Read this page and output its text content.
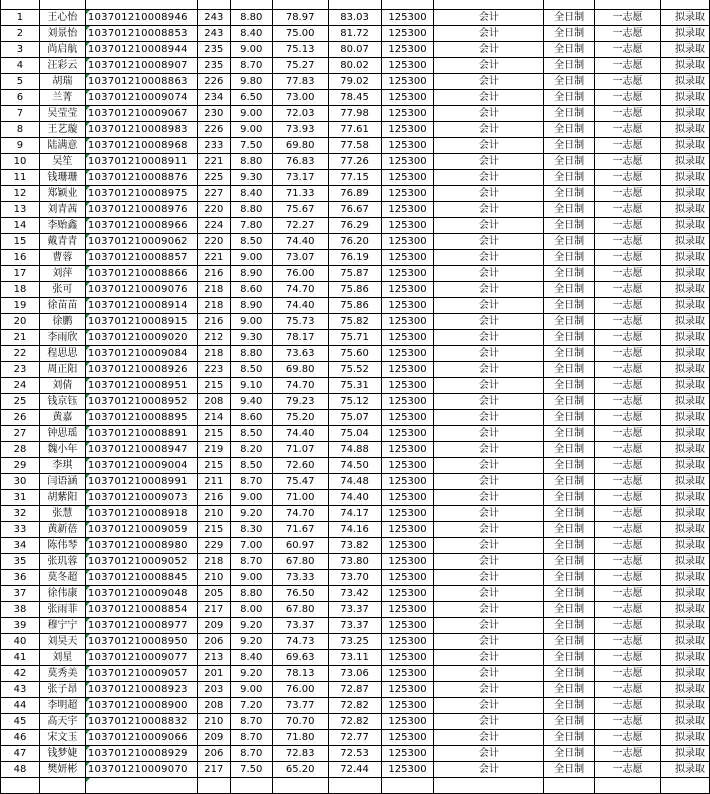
1	王心怡	103701210008946	243	8.80	78.97	83.03	125300	会计	全日制	一志愿	拟录取
2	刘景怡	103701210008853	243	8.40	75.00	81.72	125300	会计	全日制	一志愿	拟录取
3	尚启航	103701210008944	235	9.00	75.13	80.07	125300	会计	全日制	一志愿	拟录取
4	汪彩云	103701210008907	235	8.70	75.27	80.02	125300	会计	全日制	一志愿	拟录取
5	胡瑞	103701210008863	226	9.80	77.83	79.02	125300	会计	全日制	一志愿	拟录取
6	兰菁	103701210009074	234	6.50	73.00	78.45	125300	会计	全日制	一志愿	拟录取
7	吴莹莹	103701210009067	230	9.00	72.03	77.98	125300	会计	全日制	一志愿	拟录取
8	王艺璇	103701210008983	226	9.00	73.93	77.61	125300	会计	全日制	一志愿	拟录取
9	陆满意	103701210008968	233	7.50	69.80	77.58	125300	会计	全日制	一志愿	拟录取
10	吴笙	103701210008911	221	8.80	76.83	77.26	125300	会计	全日制	一志愿	拟录取
11	钱珊珊	103701210008876	225	9.30	73.17	77.15	125300	会计	全日制	一志愿	拟录取
12	郑颖业	103701210008975	227	8.40	71.33	76.89	125300	会计	全日制	一志愿	拟录取
13	刘青茜	103701210008976	220	8.80	75.67	76.67	125300	会计	全日制	一志愿	拟录取
14	李贻鑫	103701210008966	224	7.80	72.27	76.29	125300	会计	全日制	一志愿	拟录取
15	戴青青	103701210009062	220	8.50	74.40	76.20	125300	会计	全日制	一志愿	拟录取
16	曹蓉	103701210008857	221	9.00	73.07	76.19	125300	会计	全日制	一志愿	拟录取
17	刘萍	103701210008866	216	8.90	76.00	75.87	125300	会计	全日制	一志愿	拟录取
18	张可	103701210009076	218	8.60	74.70	75.86	125300	会计	全日制	一志愿	拟录取
19	徐苗苗	103701210008914	218	8.90	74.40	75.86	125300	会计	全日制	一志愿	拟录取
20	徐鹏	103701210008915	216	9.00	75.73	75.82	125300	会计	全日制	一志愿	拟录取
21	李雨欣	103701210009020	212	9.30	78.17	75.71	125300	会计	全日制	一志愿	拟录取
22	程思思	103701210009084	218	8.80	73.63	75.60	125300	会计	全日制	一志愿	拟录取
23	周正阳	103701210008926	223	8.50	69.80	75.52	125300	会计	全日制	一志愿	拟录取
24	刘倩	103701210008951	215	9.10	74.70	75.31	125300	会计	全日制	一志愿	拟录取
25	钱京钰	103701210008952	208	9.40	79.23	75.12	125300	会计	全日制	一志愿	拟录取
26	黄嘉	103701210008895	214	8.60	75.20	75.07	125300	会计	全日制	一志愿	拟录取
27	钟思瑶	103701210008891	215	8.50	74.40	75.04	125300	会计	全日制	一志愿	拟录取
28	魏小年	103701210008947	219	8.20	71.07	74.88	125300	会计	全日制	一志愿	拟录取
29	李琪	103701210009004	215	8.50	72.60	74.50	125300	会计	全日制	一志愿	拟录取
30	闫语涵	103701210008991	211	8.70	75.47	74.48	125300	会计	全日制	一志愿	拟录取
31	胡紫阳	103701210009073	216	9.00	71.00	74.40	125300	会计	全日制	一志愿	拟录取
32	张慧	103701210008918	210	9.20	74.70	74.17	125300	会计	全日制	一志愿	拟录取
33	黄新蓓	103701210009059	215	8.30	71.67	74.16	125300	会计	全日制	一志愿	拟录取
34	陈伟琴	103701210008980	229	7.00	60.97	73.82	125300	会计	全日制	一志愿	拟录取
35	张玑蓉	103701210009052	218	8.70	67.80	73.80	125300	会计	全日制	一志愿	拟录取
36	莫冬超	103701210008845	210	9.00	73.33	73.70	125300	会计	全日制	一志愿	拟录取
37	徐伟康	103701210009048	205	8.80	76.50	73.42	125300	会计	全日制	一志愿	拟录取
38	张雨菲	103701210008854	217	8.00	67.80	73.37	125300	会计	全日制	一志愿	拟录取
39	穆宁宁	103701210008977	209	9.20	73.37	73.37	125300	会计	全日制	一志愿	拟录取
40	刘昊天	103701210008950	206	9.20	74.73	73.25	125300	会计	全日制	一志愿	拟录取
41	刘星	103701210009077	213	8.40	69.63	73.11	125300	会计	全日制	一志愿	拟录取
42	莫秀美	103701210009057	201	9.20	78.13	73.06	125300	会计	全日制	一志愿	拟录取
43	张子昂	103701210008923	203	9.00	76.00	72.87	125300	会计	全日制	一志愿	拟录取
44	李明超	103701210008900	208	7.20	73.77	72.82	125300	会计	全日制	一志愿	拟录取
45	高天宇	103701210008832	210	8.70	70.70	72.82	125300	会计	全日制	一志愿	拟录取
46	宋文玉	103701210009066	209	8.70	71.80	72.77	125300	会计	全日制	一志愿	拟录取
47	钱梦婕	103701210008929	206	8.70	72.83	72.53	125300	会计	全日制	一志愿	拟录取
48	樊妍彬	103701210009070	217	7.50	65.20	72.44	125300	会计	全日制	一志愿	拟录取
